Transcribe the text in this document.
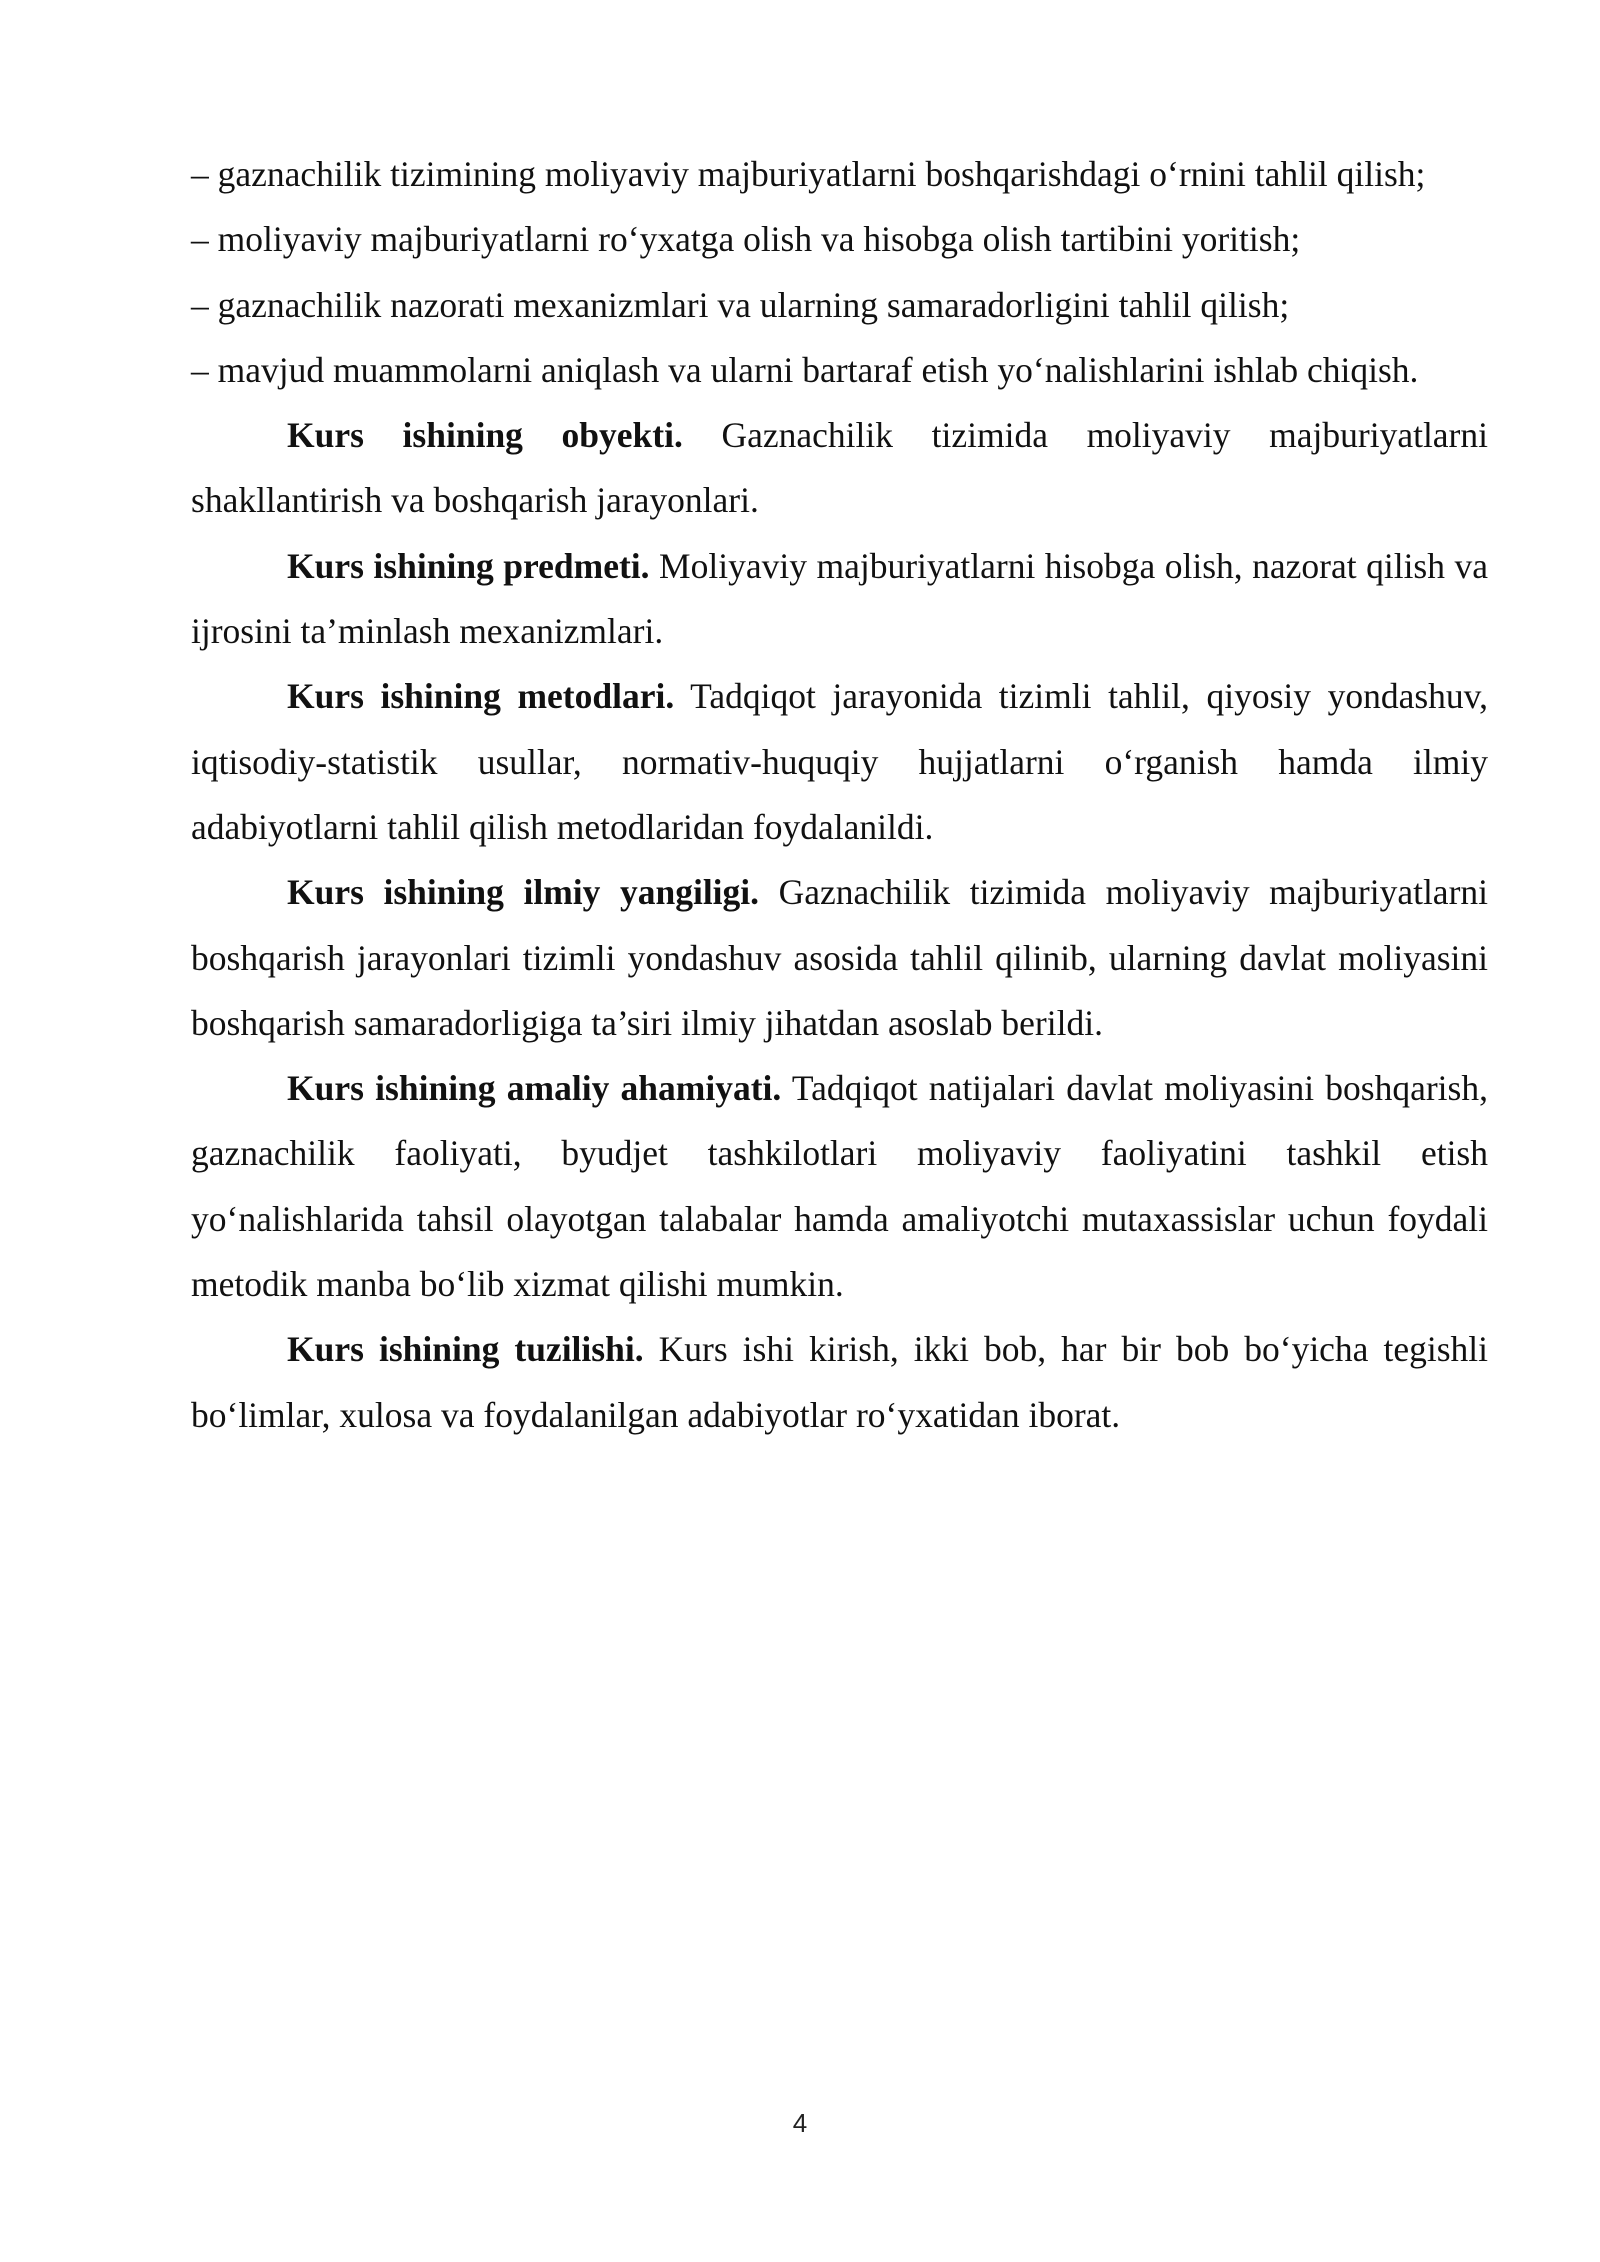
– gaznachilik tizimining moliyaviy majburiyatlarni boshqarishdagi o‘rnini tahlil qilish;

– moliyaviy majburiyatlarni ro‘yxatga olish va hisobga olish tartibini yoritish;

– gaznachilik nazorati mexanizmlari va ularning samaradorligini tahlil qilish;

– mavjud muammolarni aniqlash va ularni bartaraf etish yo‘nalishlarini ishlab chiqish.

Kurs ishining obyekti. Gaznachilik tizimida moliyaviy majburiyatlarni shakllantirish va boshqarish jarayonlari.

Kurs ishining predmeti. Moliyaviy majburiyatlarni hisobga olish, nazorat qilish va ijrosini ta’minlash mexanizmlari.

Kurs ishining metodlari. Tadqiqot jarayonida tizimli tahlil, qiyosiy yondashuv, iqtisodiy-statistik usullar, normativ-huquqiy hujjatlarni o‘rganish hamda ilmiy adabiyotlarni tahlil qilish metodlaridan foydalanildi.

Kurs ishining ilmiy yangiligi. Gaznachilik tizimida moliyaviy majburiyatlarni boshqarish jarayonlari tizimli yondashuv asosida tahlil qilinib, ularning davlat moliyasini boshqarish samaradorligiga ta’siri ilmiy jihatdan asoslab berildi.

Kurs ishining amaliy ahamiyati. Tadqiqot natijalari davlat moliyasini boshqarish, gaznachilik faoliyati, byudjet tashkilotlari moliyaviy faoliyatini tashkil etish yo‘nalishlarida tahsil olayotgan talabalar hamda amaliyotchi mutaxassislar uchun foydali metodik manba bo‘lib xizmat qilishi mumkin.

Kurs ishining tuzilishi. Kurs ishi kirish, ikki bob, har bir bob bo‘yicha tegishli bo‘limlar, xulosa va foydalanilgan adabiyotlar ro‘yxatidan iborat.

4
